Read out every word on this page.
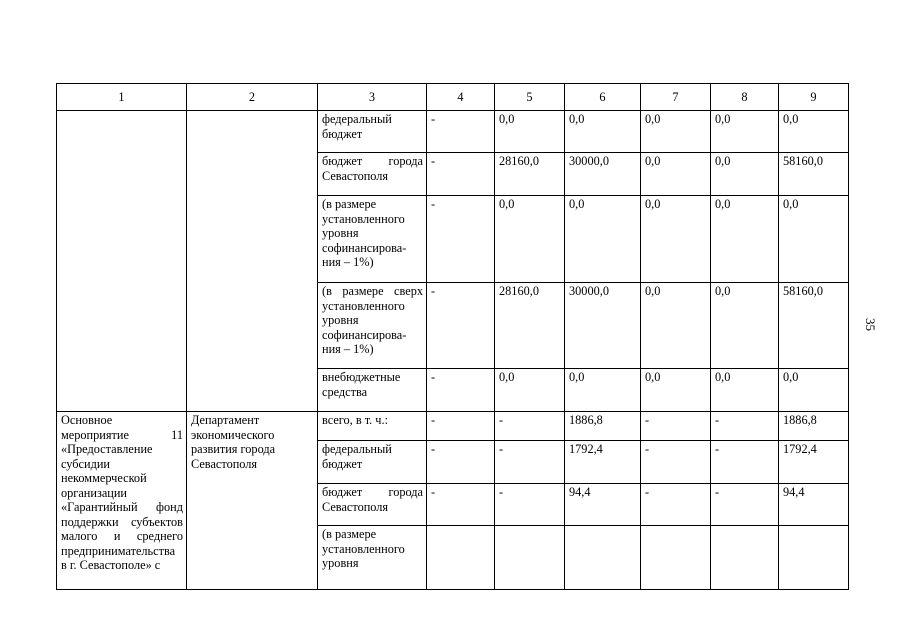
35
1	2	3	4	5	6	7	8	9
		федеральный бюджет	-	0,0	0,0	0,0	0,0	0,0
		бюджет города Севастополя	-	28160,0	30000,0	0,0	0,0	58160,0
		(в размере установленного уровня софинансирова-ния – 1%)	-	0,0	0,0	0,0	0,0	0,0
		(в размере сверх установленного уровня софинансирова-ния – 1%)	-	28160,0	30000,0	0,0	0,0	58160,0
		внебюджетные средства	-	0,0	0,0	0,0	0,0	0,0
Основное мероприятие 11 «Предоставление субсидии некоммерческой организации «Гарантийный фонд поддержки субъектов малого и среднего предпринимательства в г. Севастополе» с	Департамент экономического развития города Севастополя	всего, в т. ч.:	-	-	1886,8	-	-	1886,8
		федеральный бюджет	-	-	1792,4	-	-	1792,4
		бюджет города Севастополя	-	-	94,4	-	-	94,4
		(в размере установленного уровня						
